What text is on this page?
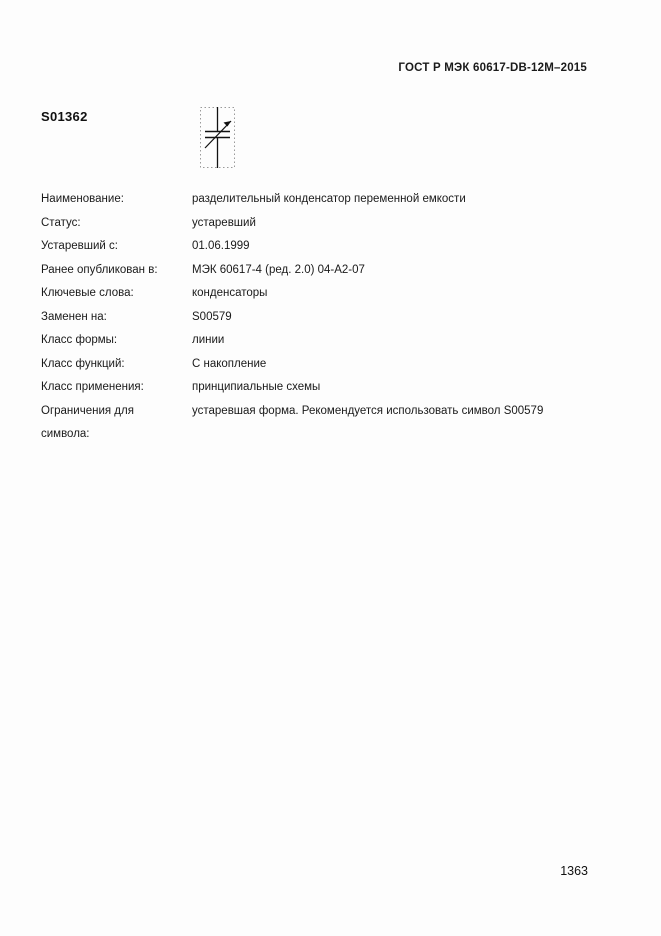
ГОСТ Р МЭК 60617-DB-12M–2015
S01362
Наименование:	разделительный конденсатор переменной емкости
Статус:	устаревший
Устаревший с:	01.06.1999
Ранее опубликован в:	МЭК 60617-4 (ред. 2.0) 04-А2-07
Ключевые слова:	конденсаторы
Заменен на:	S00579
Класс формы:	линии
Класс функций:	С накопление
Класс применения:	принципиальные схемы
Ограничения для
символа:
устаревшая форма. Рекомендуется использовать символ S00579
1363
